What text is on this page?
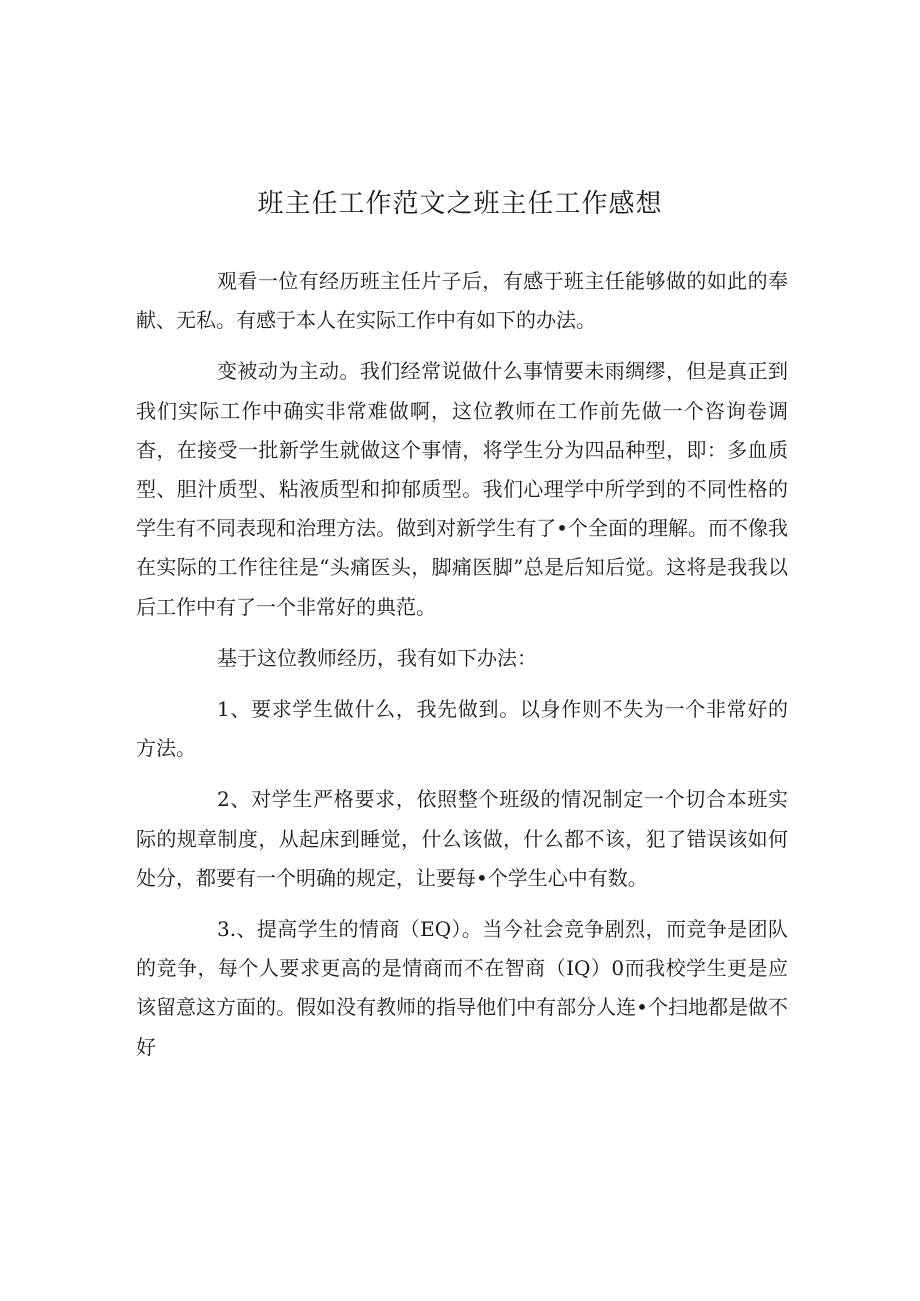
班主任工作范文之班主任工作感想

观看一位有经历班主任片子后，有感于班主任能够做的如此的奉献、无私。有感于本人在实际工作中有如下的办法。

变被动为主动。我们经常说做什么事情要未雨绸缪，但是真正到我们实际工作中确实非常难做啊，这位教师在工作前先做一个咨询卷调杳，在接受一批新学生就做这个事情，将学生分为四品种型，即：多血质型、胆汁质型、粘液质型和抑郁质型。我们心理学中所学到的不同性格的学生有不同表现和治理方法。做到对新学生有了•个全面的理解。而不像我在实际的工作往往是“头痛医头，脚痛医脚”总是后知后觉。这将是我我以后工作中有了一个非常好的典范。

基于这位教师经历，我有如下办法：

1、要求学生做什么，我先做到。以身作则不失为一个非常好的方法。

2、对学生严格要求，依照整个班级的情况制定一个切合本班实际的规章制度，从起床到睡觉，什么该做，什么都不该，犯了错误该如何处分，都要有一个明确的规定，让要每•个学生心中有数。

3.、提高学生的情商（EQ）。当今社会竞争剧烈，而竞争是团队的竞争，每个人要求更高的是情商而不在智商（IQ）0而我校学生更是应该留意这方面的。假如没有教师的指导他们中有部分人连•个扫地都是做不好
